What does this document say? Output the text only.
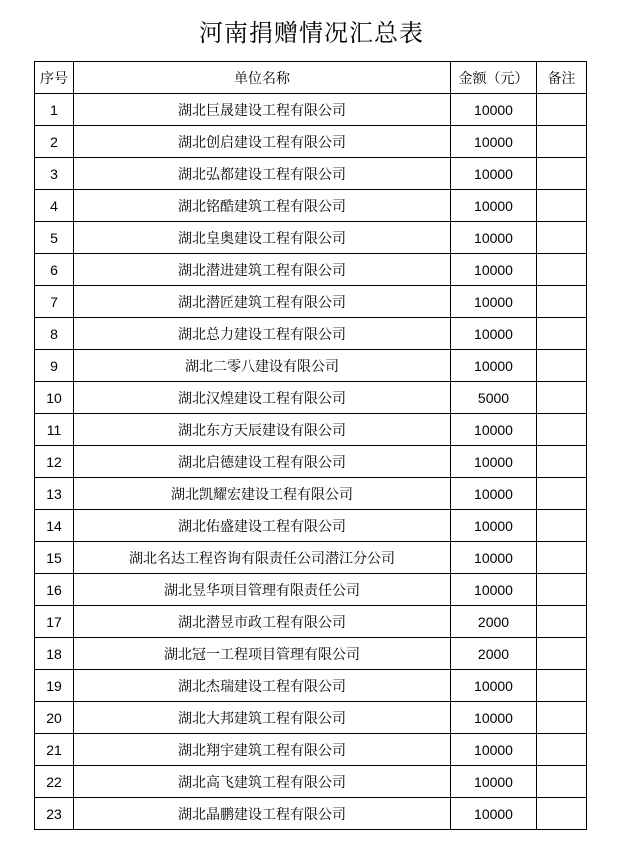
河南捐赠情况汇总表
序号	单位名称	金额（元）	备注
1	湖北巨晟建设工程有限公司	10000	
2	湖北创启建设工程有限公司	10000	
3	湖北弘都建设工程有限公司	10000	
4	湖北铭酷建筑工程有限公司	10000	
5	湖北皇奥建设工程有限公司	10000	
6	湖北潜进建筑工程有限公司	10000	
7	湖北潜匠建筑工程有限公司	10000	
8	湖北总力建设工程有限公司	10000	
9	湖北二零八建设有限公司	10000	
10	湖北汉煌建设工程有限公司	5000	
11	湖北东方天辰建设有限公司	10000	
12	湖北启德建设工程有限公司	10000	
13	湖北凯耀宏建设工程有限公司	10000	
14	湖北佑盛建设工程有限公司	10000	
15	湖北名达工程咨询有限责任公司潜江分公司	10000	
16	湖北昱华项目管理有限责任公司	10000	
17	湖北潜昱市政工程有限公司	2000	
18	湖北冠一工程项目管理有限公司	2000	
19	湖北杰瑞建设工程有限公司	10000	
20	湖北大邦建筑工程有限公司	10000	
21	湖北翔宇建筑工程有限公司	10000	
22	湖北高飞建筑工程有限公司	10000	
23	湖北晶鹏建设工程有限公司	10000	
